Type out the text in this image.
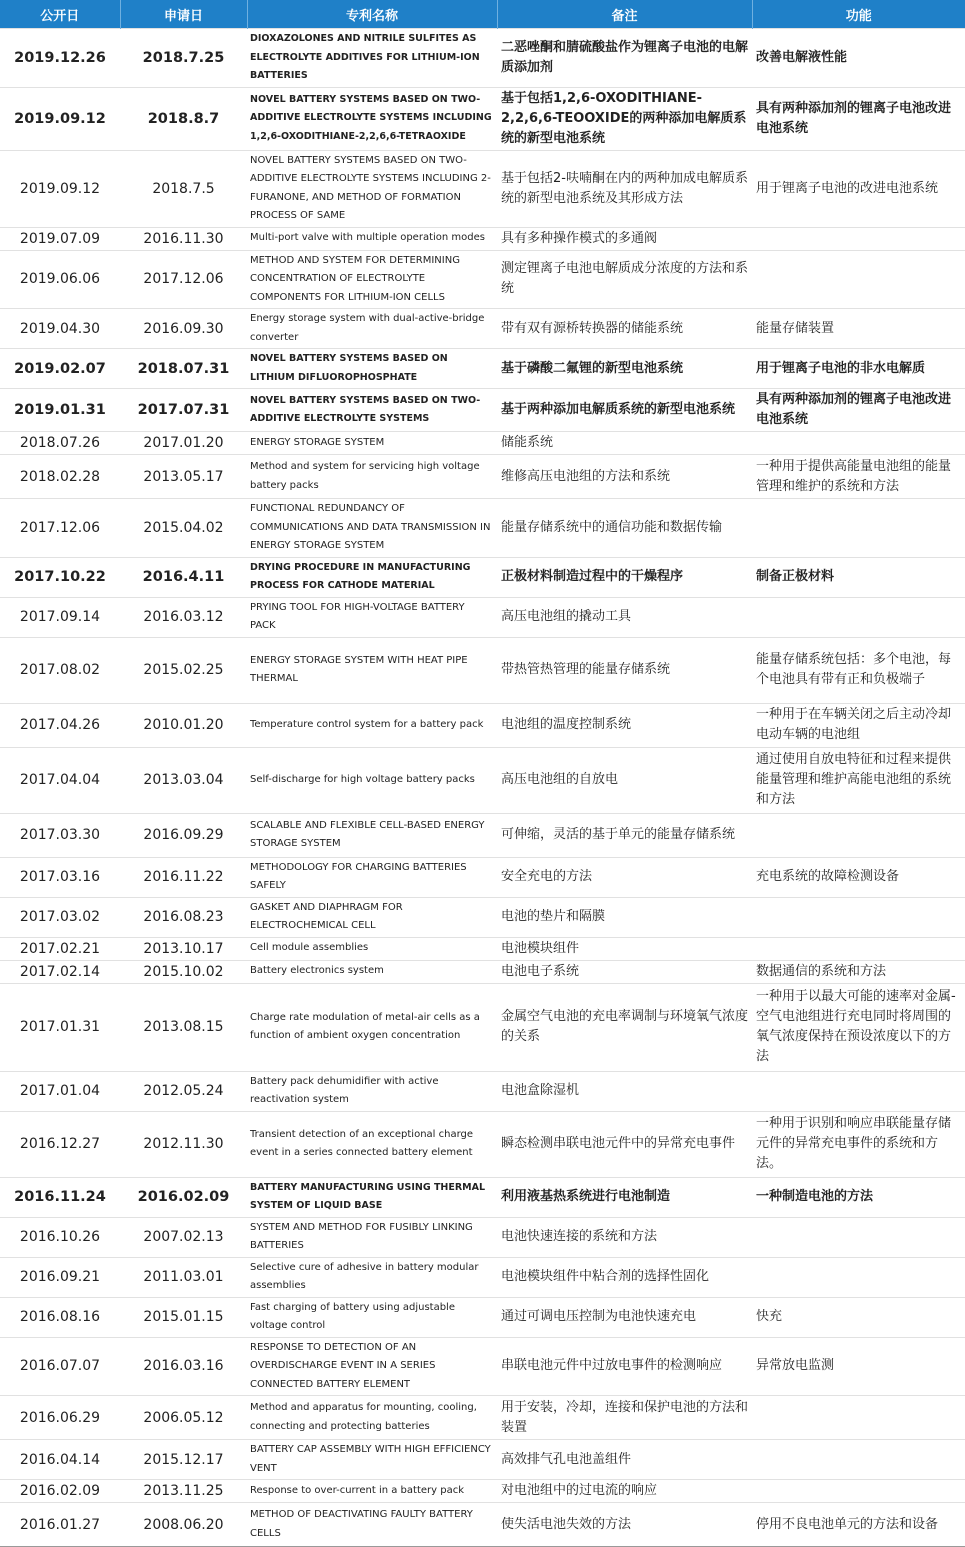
公开日	申请日	专利名称	备注	功能
2019.12.26	2018.7.25	DIOXAZOLONES AND NITRILE SULFITES AS ELECTROLYTE ADDITIVES FOR LITHIUM-ION BATTERIES	二恶唑酮和腈硫酸盐作为锂离子电池的电解质添加剂	改善电解液性能
2019.09.12	2018.8.7	NOVEL BATTERY SYSTEMS BASED ON TWO-ADDITIVE ELECTROLYTE SYSTEMS INCLUDING 1,2,6-OXODITHIANE-2,2,6,6-TETRAOXIDE	基于包括1,2,6-OXODITHIANE-2,2,6,6-TEOOXIDE的两种添加电解质系统的新型电池系统	具有两种添加剂的锂离子电池改进电池系统
2019.09.12	2018.7.5	NOVEL BATTERY SYSTEMS BASED ON TWO-ADDITIVE ELECTROLYTE SYSTEMS INCLUDING 2-FURANONE, AND METHOD OF FORMATION PROCESS OF SAME	基于包括2-呋喃酮在内的两种加成电解质系统的新型电池系统及其形成方法	用于锂离子电池的改进电池系统
2019.07.09	2016.11.30	Multi-port valve with multiple operation modes	具有多种操作模式的多通阀	
2019.06.06	2017.12.06	METHOD AND SYSTEM FOR DETERMINING CONCENTRATION OF ELECTROLYTE COMPONENTS FOR LITHIUM-ION CELLS	测定锂离子电池电解质成分浓度的方法和系统	
2019.04.30	2016.09.30	Energy storage system with dual-active-bridge converter	带有双有源桥转换器的储能系统	能量存储装置
2019.02.07	2018.07.31	NOVEL BATTERY SYSTEMS BASED ON LITHIUM DIFLUOROPHOSPHATE	基于磷酸二氟锂的新型电池系统	用于锂离子电池的非水电解质
2019.01.31	2017.07.31	NOVEL BATTERY SYSTEMS BASED ON TWO-ADDITIVE ELECTROLYTE SYSTEMS	基于两种添加电解质系统的新型电池系统	具有两种添加剂的锂离子电池改进电池系统
2018.07.26	2017.01.20	ENERGY STORAGE SYSTEM	储能系统	
2018.02.28	2013.05.17	Method and system for servicing high voltage battery packs	维修高压电池组的方法和系统	一种用于提供高能量电池组的能量管理和维护的系统和方法
2017.12.06	2015.04.02	FUNCTIONAL REDUNDANCY OF COMMUNICATIONS AND DATA TRANSMISSION IN ENERGY STORAGE SYSTEM	能量存储系统中的通信功能和数据传输	
2017.10.22	2016.4.11	DRYING PROCEDURE IN MANUFACTURING PROCESS FOR CATHODE MATERIAL	正极材料制造过程中的干燥程序	制备正极材料
2017.09.14	2016.03.12	PRYING TOOL FOR HIGH-VOLTAGE BATTERY PACK	高压电池组的撬动工具	
2017.08.02	2015.02.25	ENERGY STORAGE SYSTEM WITH HEAT PIPE THERMAL	带热管热管理的能量存储系统	能量存储系统包括：多个电池，每个电池具有带有正和负极端子
2017.04.26	2010.01.20	Temperature control system for a battery pack	电池组的温度控制系统	一种用于在车辆关闭之后主动冷却电动车辆的电池组
2017.04.04	2013.03.04	Self-discharge for high voltage battery packs	高压电池组的自放电	通过使用自放电特征和过程来提供能量管理和维护高能电池组的系统和方法
2017.03.30	2016.09.29	SCALABLE AND FLEXIBLE CELL-BASED ENERGY STORAGE SYSTEM	可伸缩，灵活的基于单元的能量存储系统	
2017.03.16	2016.11.22	METHODOLOGY FOR CHARGING BATTERIES SAFELY	安全充电的方法	充电系统的故障检测设备
2017.03.02	2016.08.23	GASKET AND DIAPHRAGM FOR ELECTROCHEMICAL CELL	电池的垫片和隔膜	
2017.02.21	2013.10.17	Cell module assemblies	电池模块组件	
2017.02.14	2015.10.02	Battery electronics system	电池电子系统	数据通信的系统和方法
2017.01.31	2013.08.15	Charge rate modulation of metal-air cells as a function of ambient oxygen concentration	金属空气电池的充电率调制与环境氧气浓度的关系	一种用于以最大可能的速率对金属-空气电池组进行充电同时将周围的氧气浓度保持在预设浓度以下的方法
2017.01.04	2012.05.24	Battery pack dehumidifier with active reactivation system	电池盒除湿机	
2016.12.27	2012.11.30	Transient detection of an exceptional charge event in a series connected battery element	瞬态检测串联电池元件中的异常充电事件	一种用于识别和响应串联能量存储元件的异常充电事件的系统和方法。
2016.11.24	2016.02.09	BATTERY MANUFACTURING USING THERMAL SYSTEM OF LIQUID BASE	利用液基热系统进行电池制造	一种制造电池的方法
2016.10.26	2007.02.13	SYSTEM AND METHOD FOR FUSIBLY LINKING BATTERIES	电池快速连接的系统和方法	
2016.09.21	2011.03.01	Selective cure of adhesive in battery modular assemblies	电池模块组件中粘合剂的选择性固化	
2016.08.16	2015.01.15	Fast charging of battery using adjustable voltage control	通过可调电压控制为电池快速充电	快充
2016.07.07	2016.03.16	RESPONSE TO DETECTION OF AN OVERDISCHARGE EVENT IN A SERIES CONNECTED BATTERY ELEMENT	串联电池元件中过放电事件的检测响应	异常放电监测
2016.06.29	2006.05.12	Method and apparatus for mounting, cooling, connecting and protecting batteries	用于安装，冷却，连接和保护电池的方法和装置	
2016.04.14	2015.12.17	BATTERY CAP ASSEMBLY WITH HIGH EFFICIENCY VENT	高效排气孔电池盖组件	
2016.02.09	2013.11.25	Response to over-current in a battery pack	对电池组中的过电流的响应	
2016.01.27	2008.06.20	METHOD OF DEACTIVATING FAULTY BATTERY CELLS	使失活电池失效的方法	停用不良电池单元的方法和设备
